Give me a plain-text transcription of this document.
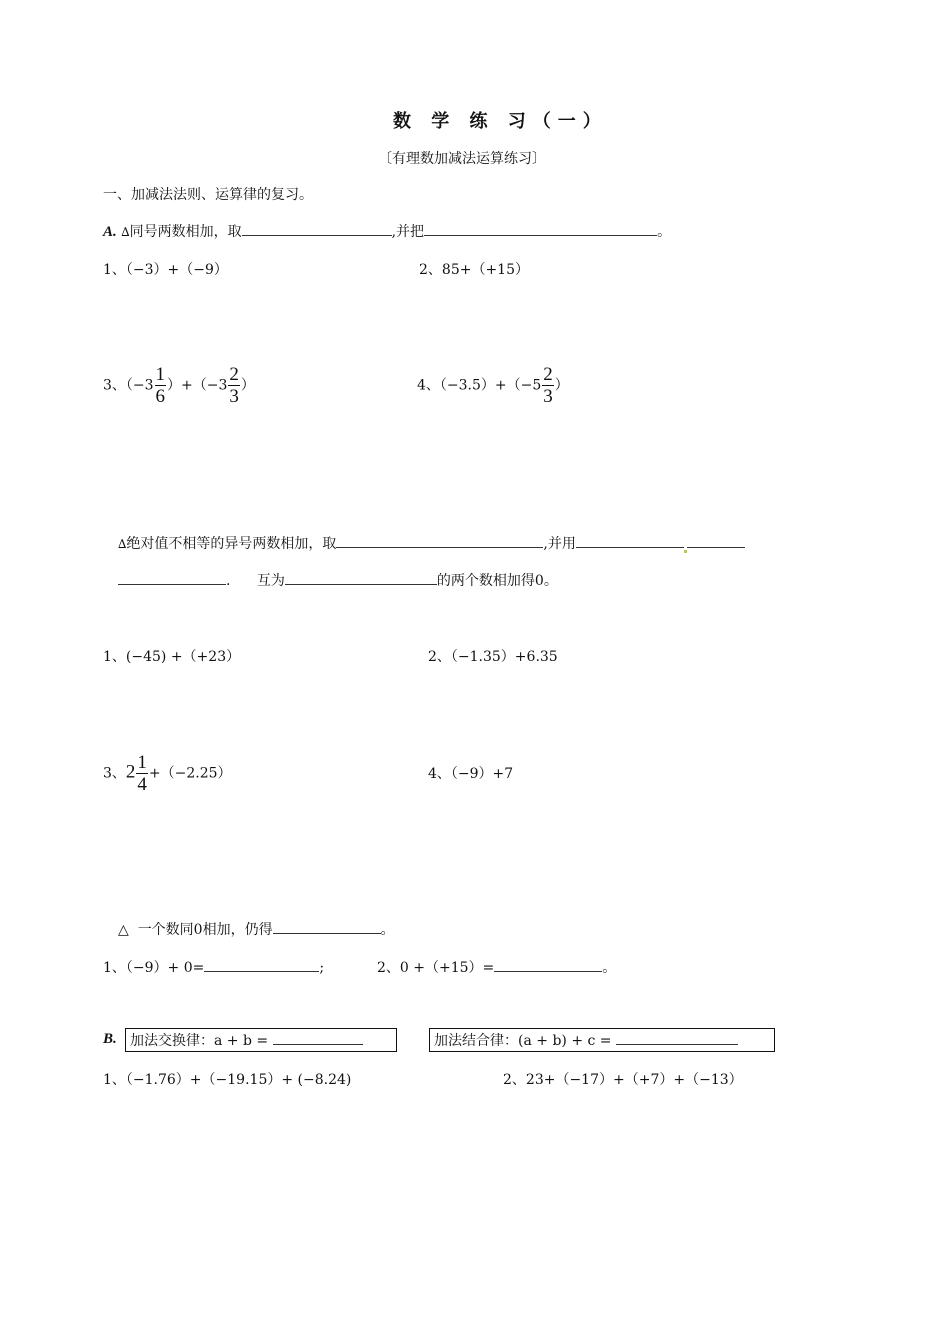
数 学 练 习（一）
〔有理数加减法运算练习〕
一、加减法法则、运算律的复习。
A. ∆同号两数相加，取	,并把	。
1、（−3）+（−9）	2、85+（+15）
3、$(-3 \frac{1}{6} )+(-3 \frac{2}{3}$ ）	4、$(-3.5)+(-5 \frac{2}{3}$ ）
∆绝对值不相等的异号两数相加，取	,并用
. 互为	的两个数相加得0。
1、(−45) +（+23）	2、（−1.35）+6.35
3、$2 \frac{1}{4} +(-2.25)$	4、（−9）+7
△ 一个数同0相加，仍得	。
1、（−9）+ 0=	;	2、0 +（+15）=	。
B. 加法交换律：a + b =	加法结合律：(a + b) + c =
1、（−1.76）+（−19.15）+ (−8.24)	2、23+（−17）+（+7）+（−13）
